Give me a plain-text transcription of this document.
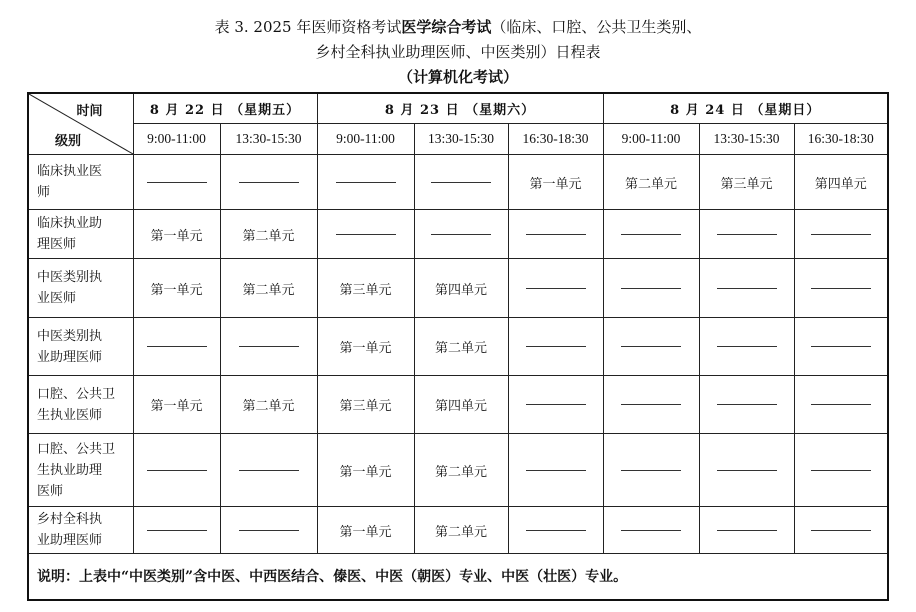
表 3. 2025 年医师资格考试医学综合考试（临床、口腔、公共卫生类别、
乡村全科执业助理医师、中医类别）日程表
（计算机化考试）
时间
级别	8 月 22 日 （星期五）		8 月 23 日 （星期六）			8 月 24 日 （星期日）		
	9:00-11:00	13:30-15:30	9:00-11:00	13:30-15:30	16:30-18:30	9:00-11:00	13:30-15:30	16:30-18:30
临床执业医
师					第一单元	第二单元	第三单元	第四单元
临床执业助
理医师	第一单元	第二单元						
中医类别执
业医师	第一单元	第二单元	第三单元	第四单元				
中医类别执
业助理医师			第一单元	第二单元				
口腔、公共卫
生执业医师	第一单元	第二单元	第三单元	第四单元				
口腔、公共卫
生执业助理
医师			第一单元	第二单元				
乡村全科执
业助理医师			第一单元	第二单元				
说明：上表中“中医类别”含中医、中西医结合、傣医、中医（朝医）专业、中医（壮医）专业。								
